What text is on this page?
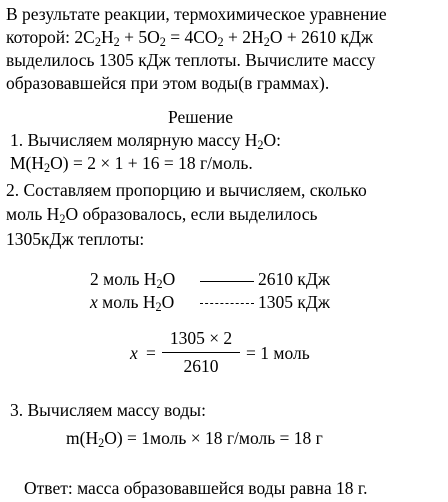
В результате реакции, термохимическое уравнение
которой: $2C_2H_2 + 5O_2 = 4CO_2 + 2H_2O + 2610$ кДж
выделилось 1305 кДж теплоты. Вычислите массу
образовавшейся при этом воды(в граммах).
Решение
1. Вычисляем молярную массу $H_2O$:
$M(H_2O) = 2 \times 1 + 16 = 18$ г/моль.
2. Составляем пропорцию и вычисляем, сколько
моль $H_2O$ образовалось, если выделилось
1305кДж теплоты:
2 моль $H_2O$	2610 кДж
x моль $H_2O$	1305 кДж
x =
1305 × 2
2610
= 1 моль
3. Вычисляем массу воды:
$m(H_2O)$ = 1моль × 18 г/моль = 18 г
Ответ: масса образовавшейся воды равна 18 г.
